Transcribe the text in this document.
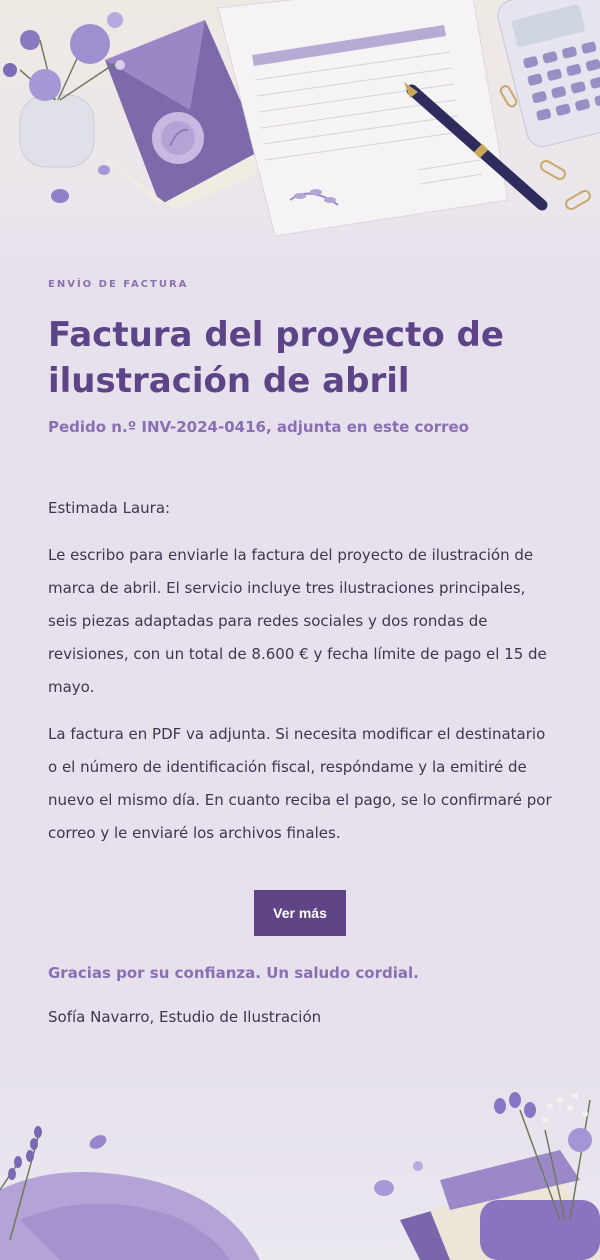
ENVÍO DE FACTURA
Factura del proyecto de ilustración de abril
Pedido n.º INV-2024-0416, adjunta en este correo
Estimada Laura:
Le escribo para enviarle la factura del proyecto de ilustración de marca de abril. El servicio incluye tres ilustraciones principales, seis piezas adaptadas para redes sociales y dos rondas de revisiones, con un total de 8.600 € y fecha límite de pago el 15 de mayo.
La factura en PDF va adjunta. Si necesita modificar el destinatario o el número de identificación fiscal, respóndame y la emitiré de nuevo el mismo día. En cuanto reciba el pago, se lo confirmaré por correo y le enviaré los archivos finales.
Ver más
Gracias por su confianza. Un saludo cordial.
Sofía Navarro, Estudio de Ilustración
